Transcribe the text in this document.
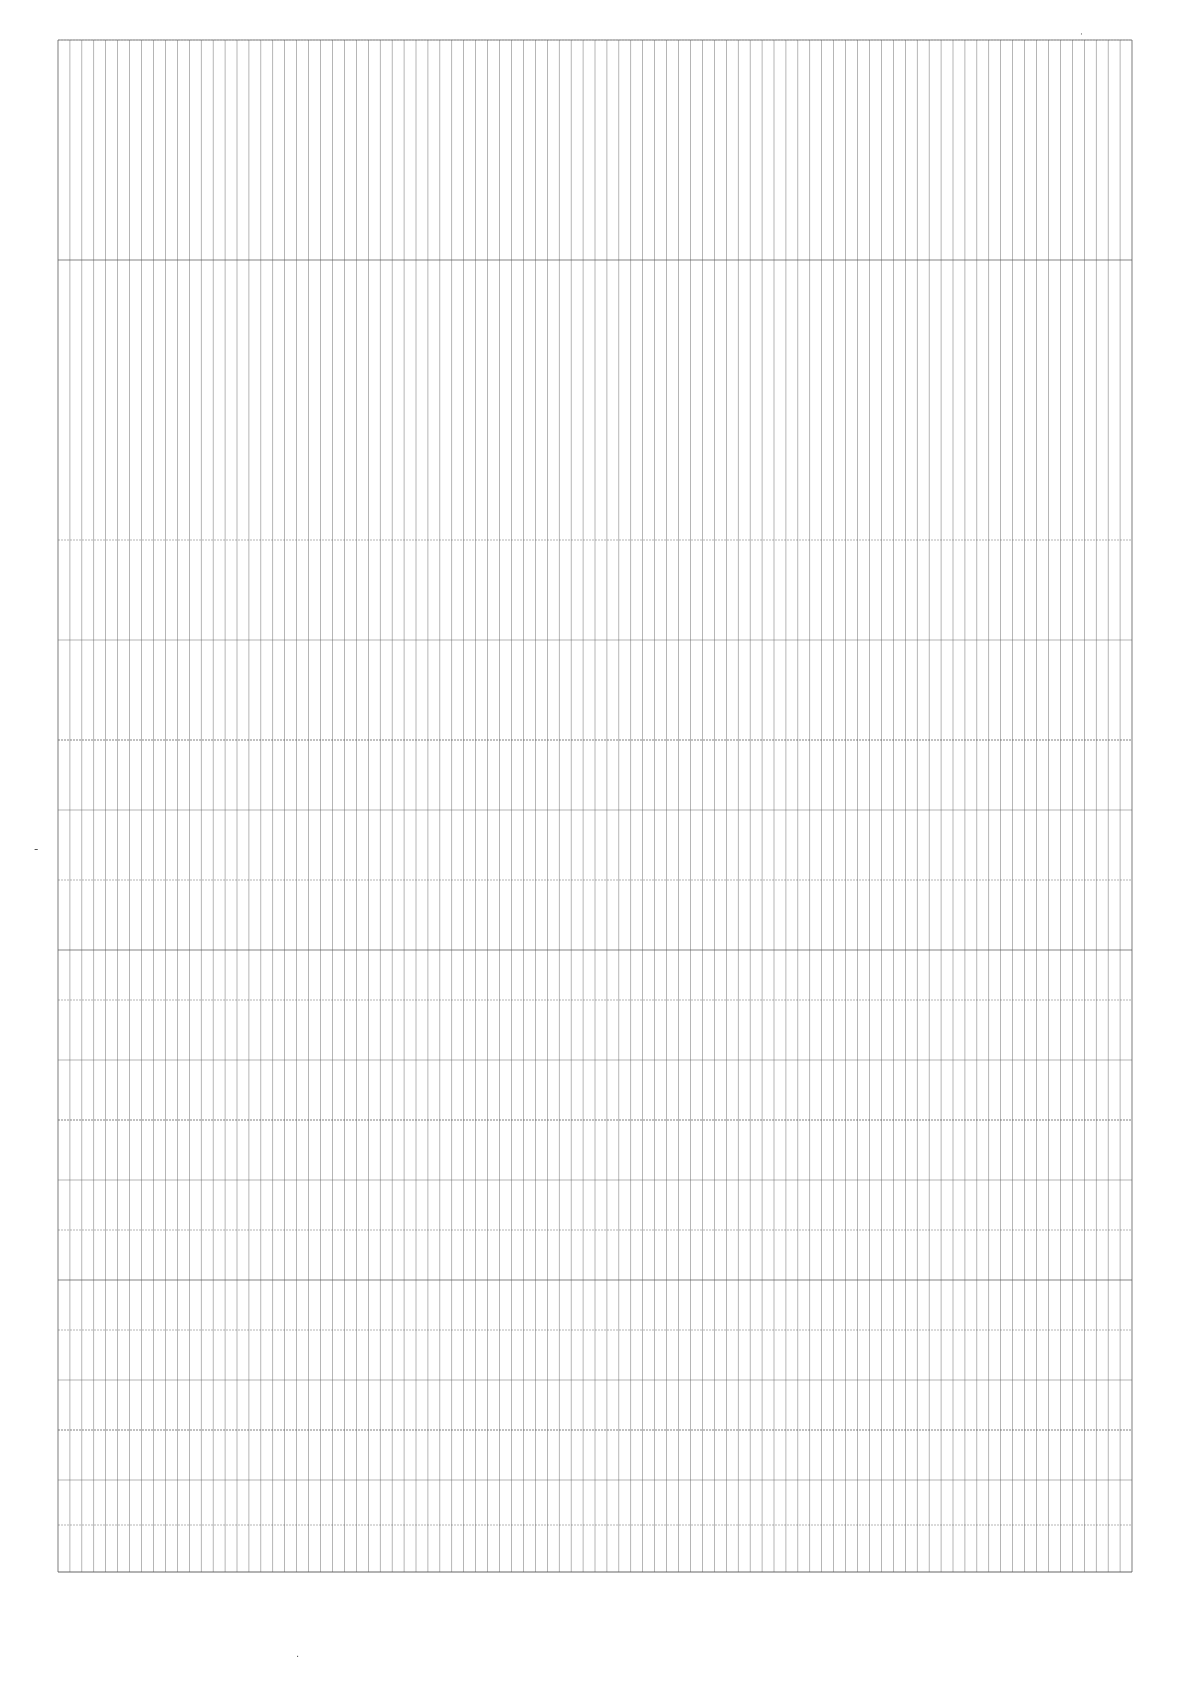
·
-
·
